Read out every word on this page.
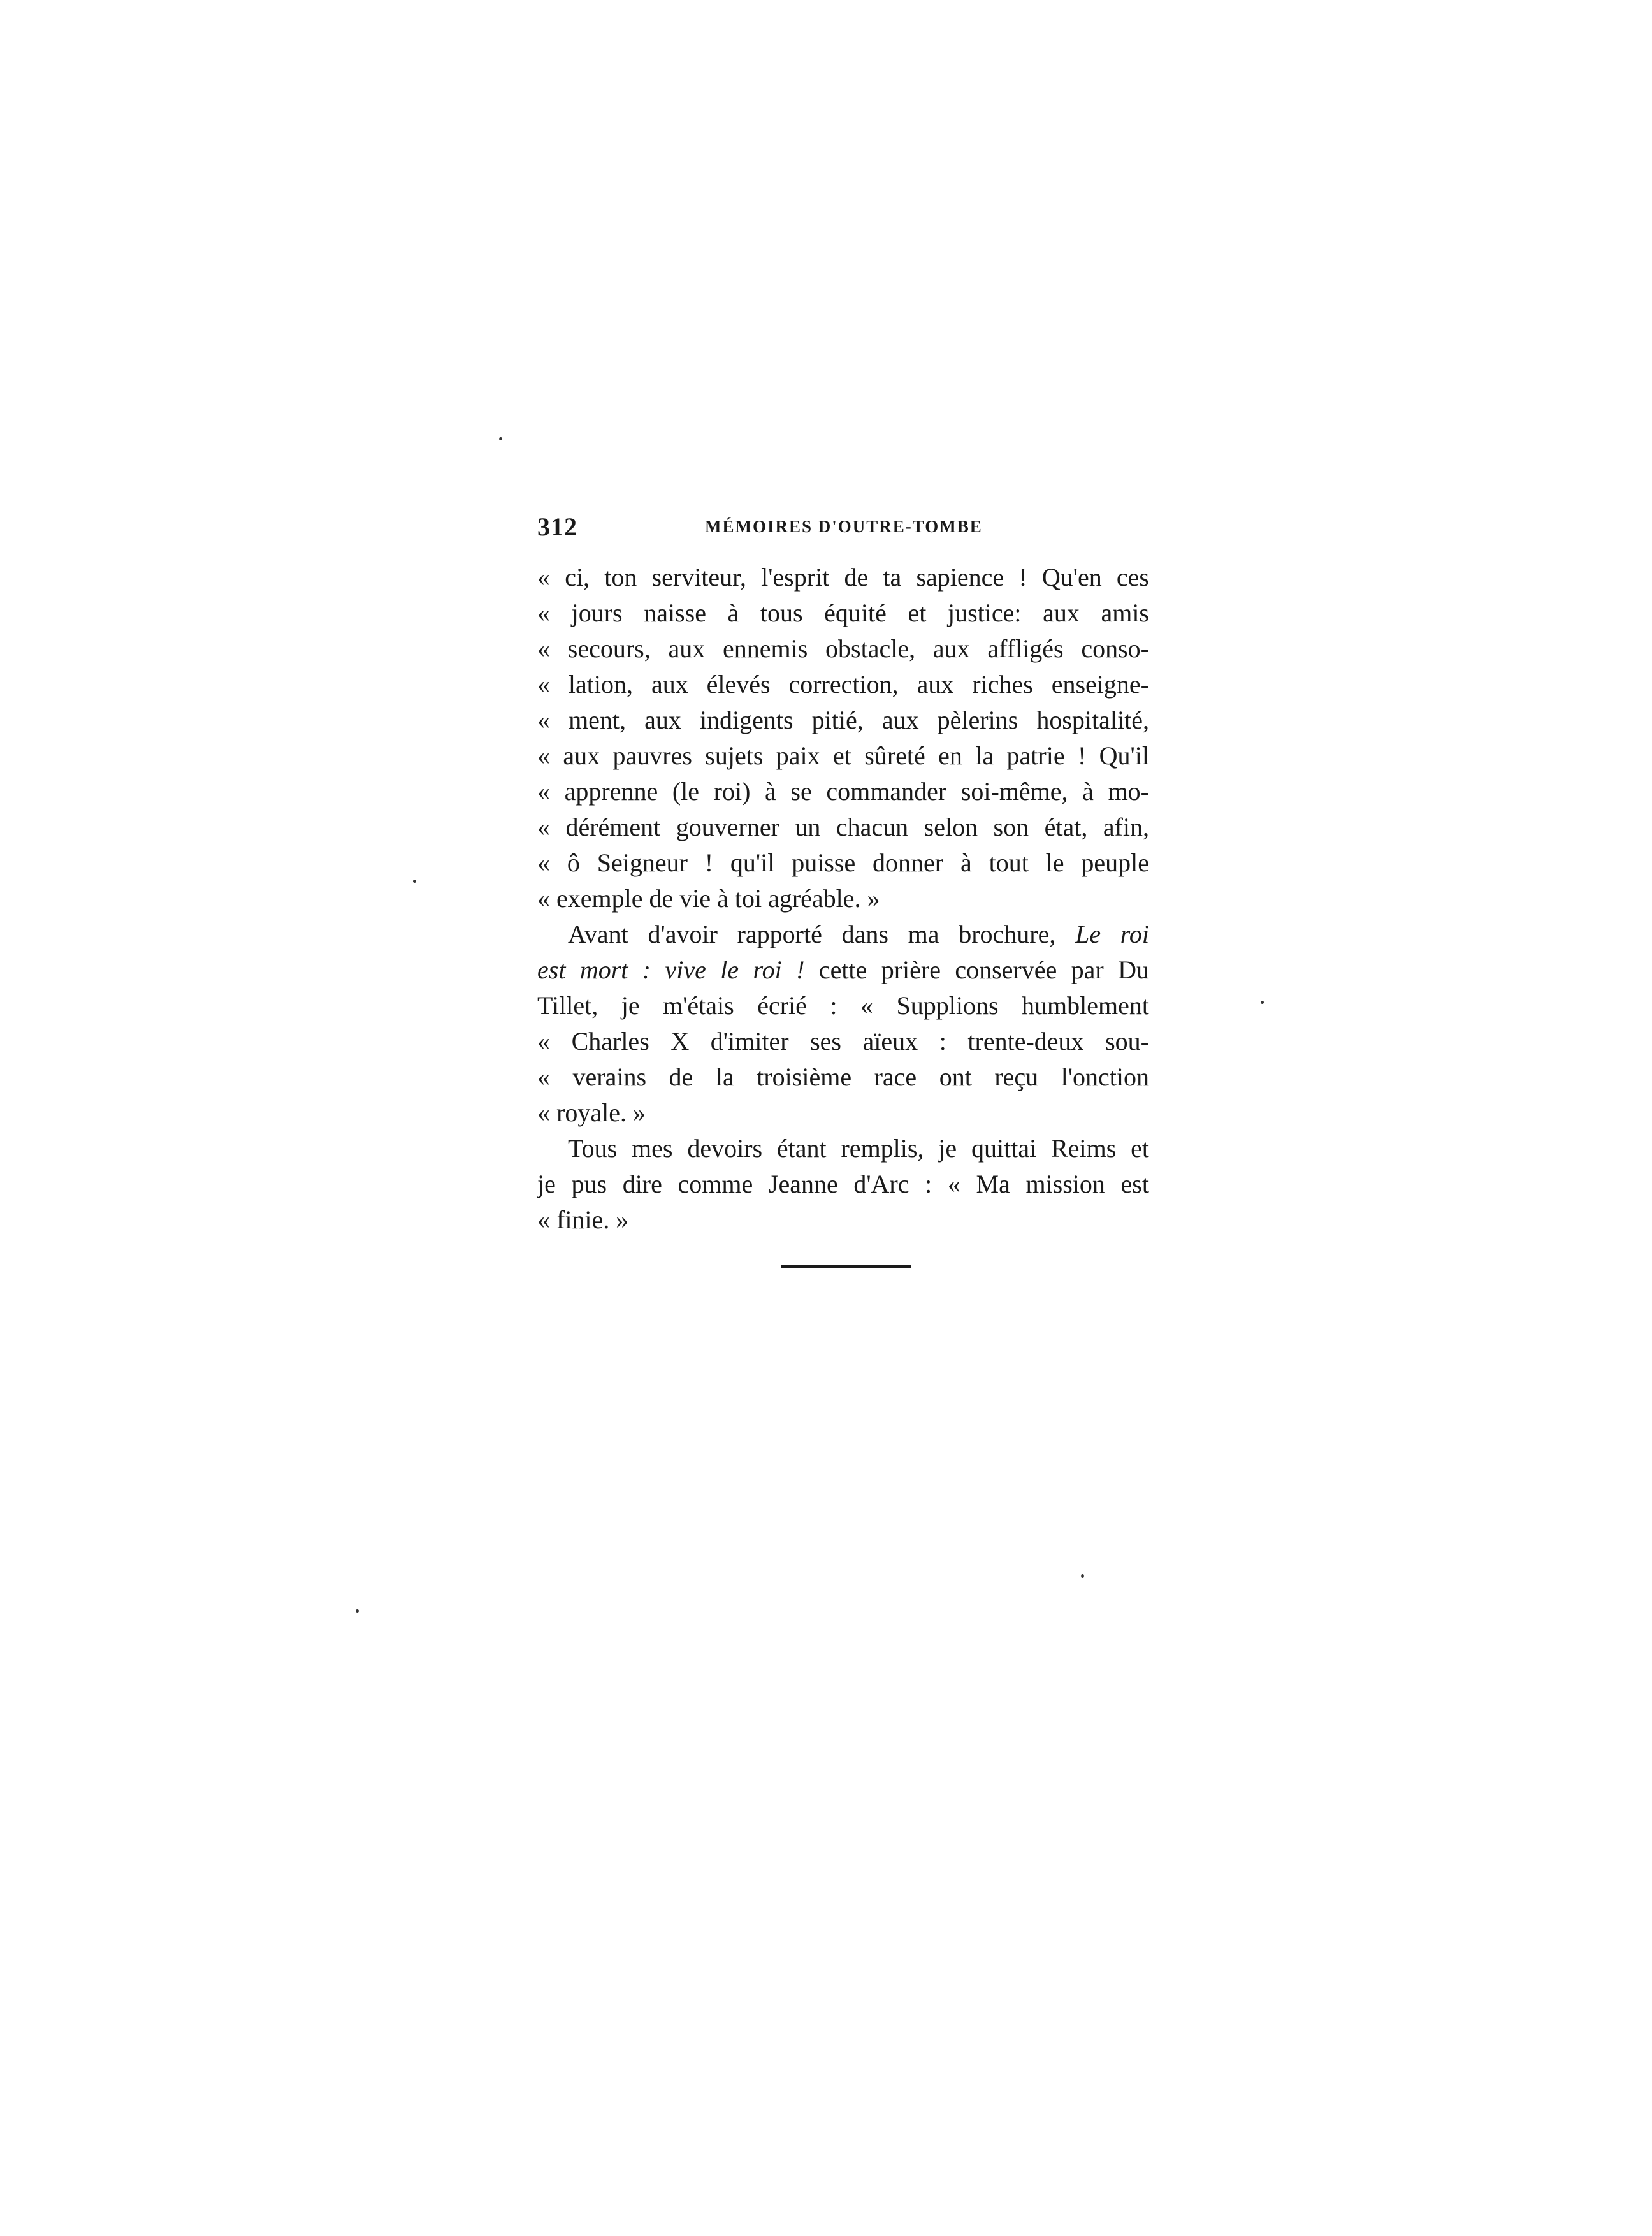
312	MÉMOIRES D'OUTRE-TOMBE
« ci, ton serviteur, l'esprit de ta sapience ! Qu'en ces
« jours naisse à tous équité et justice: aux amis
« secours, aux ennemis obstacle, aux affligés conso-
« lation, aux élevés correction, aux riches enseigne-
« ment, aux indigents pitié, aux pèlerins hospitalité,
« aux pauvres sujets paix et sûreté en la patrie ! Qu'il
« apprenne (le roi) à se commander soi-même, à mo-
« dérément gouverner un chacun selon son état, afin,
« ô Seigneur ! qu'il puisse donner à tout le peuple
« exemple de vie à toi agréable. »
Avant d'avoir rapporté dans ma brochure, Le roi
est mort : vive le roi ! cette prière conservée par Du
Tillet, je m'étais écrié : « Supplions humblement
« Charles X d'imiter ses aïeux : trente-deux sou-
« verains de la troisième race ont reçu l'onction
« royale. »
Tous mes devoirs étant remplis, je quittai Reims et
je pus dire comme Jeanne d'Arc : « Ma mission est
« finie. »
